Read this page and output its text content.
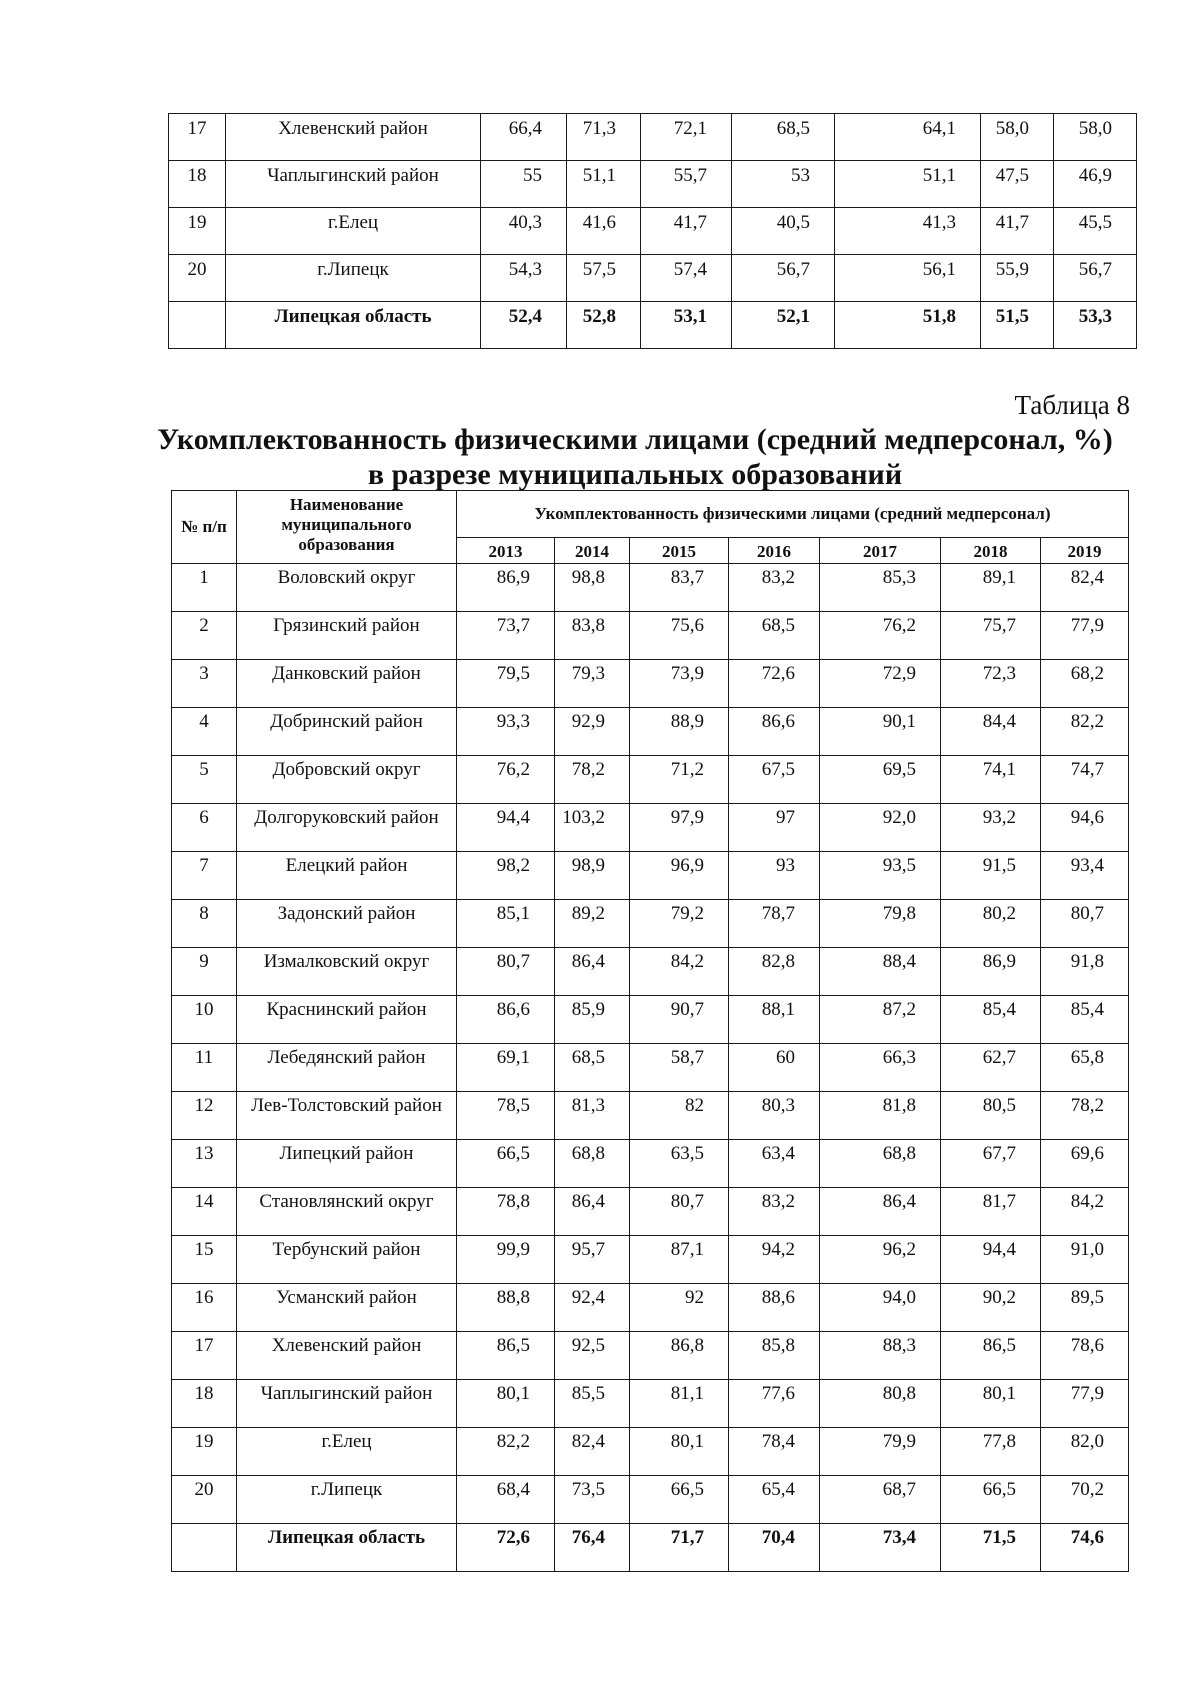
17	Хлевенский район	66,4	71,3	72,1	68,5	64,1	58,0	58,0
18	Чаплыгинский район	55	51,1	55,7	53	51,1	47,5	46,9
19	г.Елец	40,3	41,6	41,7	40,5	41,3	41,7	45,5
20	г.Липецк	54,3	57,5	57,4	56,7	56,1	55,9	56,7
	Липецкая область	52,4	52,8	53,1	52,1	51,8	51,5	53,3
Таблица 8
Укомплектованность физическими лицами (средний медперсонал, %) в разрезе муниципальных образований
№ п/п	Наименование муниципального образования	Укомплектованность физическими лицами (средний медперсонал)						
		2013	2014	2015	2016	2017	2018	2019
1	Воловский округ	86,9	98,8	83,7	83,2	85,3	89,1	82,4
2	Грязинский район	73,7	83,8	75,6	68,5	76,2	75,7	77,9
3	Данковский район	79,5	79,3	73,9	72,6	72,9	72,3	68,2
4	Добринский район	93,3	92,9	88,9	86,6	90,1	84,4	82,2
5	Добровский округ	76,2	78,2	71,2	67,5	69,5	74,1	74,7
6	Долгоруковский район	94,4	103,2	97,9	97	92,0	93,2	94,6
7	Елецкий район	98,2	98,9	96,9	93	93,5	91,5	93,4
8	Задонский район	85,1	89,2	79,2	78,7	79,8	80,2	80,7
9	Измалковский округ	80,7	86,4	84,2	82,8	88,4	86,9	91,8
10	Краснинский район	86,6	85,9	90,7	88,1	87,2	85,4	85,4
11	Лебедянский район	69,1	68,5	58,7	60	66,3	62,7	65,8
12	Лев-Толстовский район	78,5	81,3	82	80,3	81,8	80,5	78,2
13	Липецкий район	66,5	68,8	63,5	63,4	68,8	67,7	69,6
14	Становлянский округ	78,8	86,4	80,7	83,2	86,4	81,7	84,2
15	Тербунский район	99,9	95,7	87,1	94,2	96,2	94,4	91,0
16	Усманский район	88,8	92,4	92	88,6	94,0	90,2	89,5
17	Хлевенский район	86,5	92,5	86,8	85,8	88,3	86,5	78,6
18	Чаплыгинский район	80,1	85,5	81,1	77,6	80,8	80,1	77,9
19	г.Елец	82,2	82,4	80,1	78,4	79,9	77,8	82,0
20	г.Липецк	68,4	73,5	66,5	65,4	68,7	66,5	70,2
	Липецкая область	72,6	76,4	71,7	70,4	73,4	71,5	74,6
